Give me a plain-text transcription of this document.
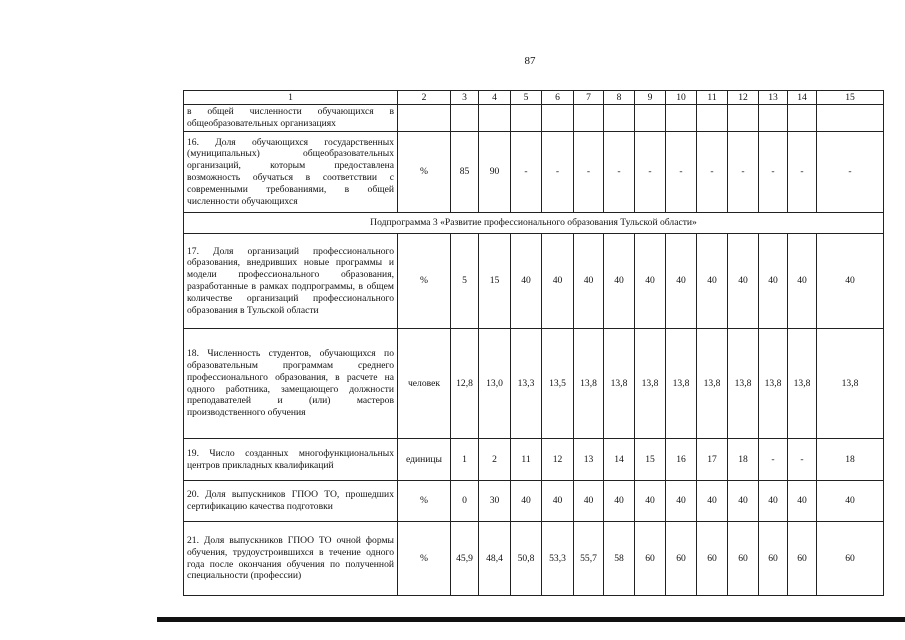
87
1	2	3	4	5	6	7	8	9	10	11	12	13	14	15
в общей численности обучающихся в общеобразовательных организациях														
16. Доля обучающихся государственных (муниципальных) общеобразовательных организаций, которым предоставлена возможность обучаться в соответствии с современными требованиями, в общей численности обучающихся	%	85	90	-	-	-	-	-	-	-	-	-	-	-
Подпрограмма 3 «Развитие профессионального образования Тульской области»														
17. Доля организаций профессионального образования, внедривших новые программы и модели профессионального образования, разработанные в рамках подпрограммы, в общем количестве организаций профессионального образования в Тульской области	%	5	15	40	40	40	40	40	40	40	40	40	40	40
18. Численность студентов, обучающихся по образовательным программам среднего профессионального образования, в расчете на одного работника, замещающего должности преподавателей и (или) мастеров производственного обучения	человек	12,8	13,0	13,3	13,5	13,8	13,8	13,8	13,8	13,8	13,8	13,8	13,8	13,8
19. Число созданных многофункциональных центров прикладных квалификаций	единицы	1	2	11	12	13	14	15	16	17	18	-	-	18
20. Доля выпускников ГПОО ТО, прошедших сертификацию качества подготовки	%	0	30	40	40	40	40	40	40	40	40	40	40	40
21. Доля выпускников ГПОО ТО очной формы обучения, трудоустроившихся в течение одного года после окончания обучения по полученной специальности (профессии)	%	45,9	48,4	50,8	53,3	55,7	58	60	60	60	60	60	60	60
